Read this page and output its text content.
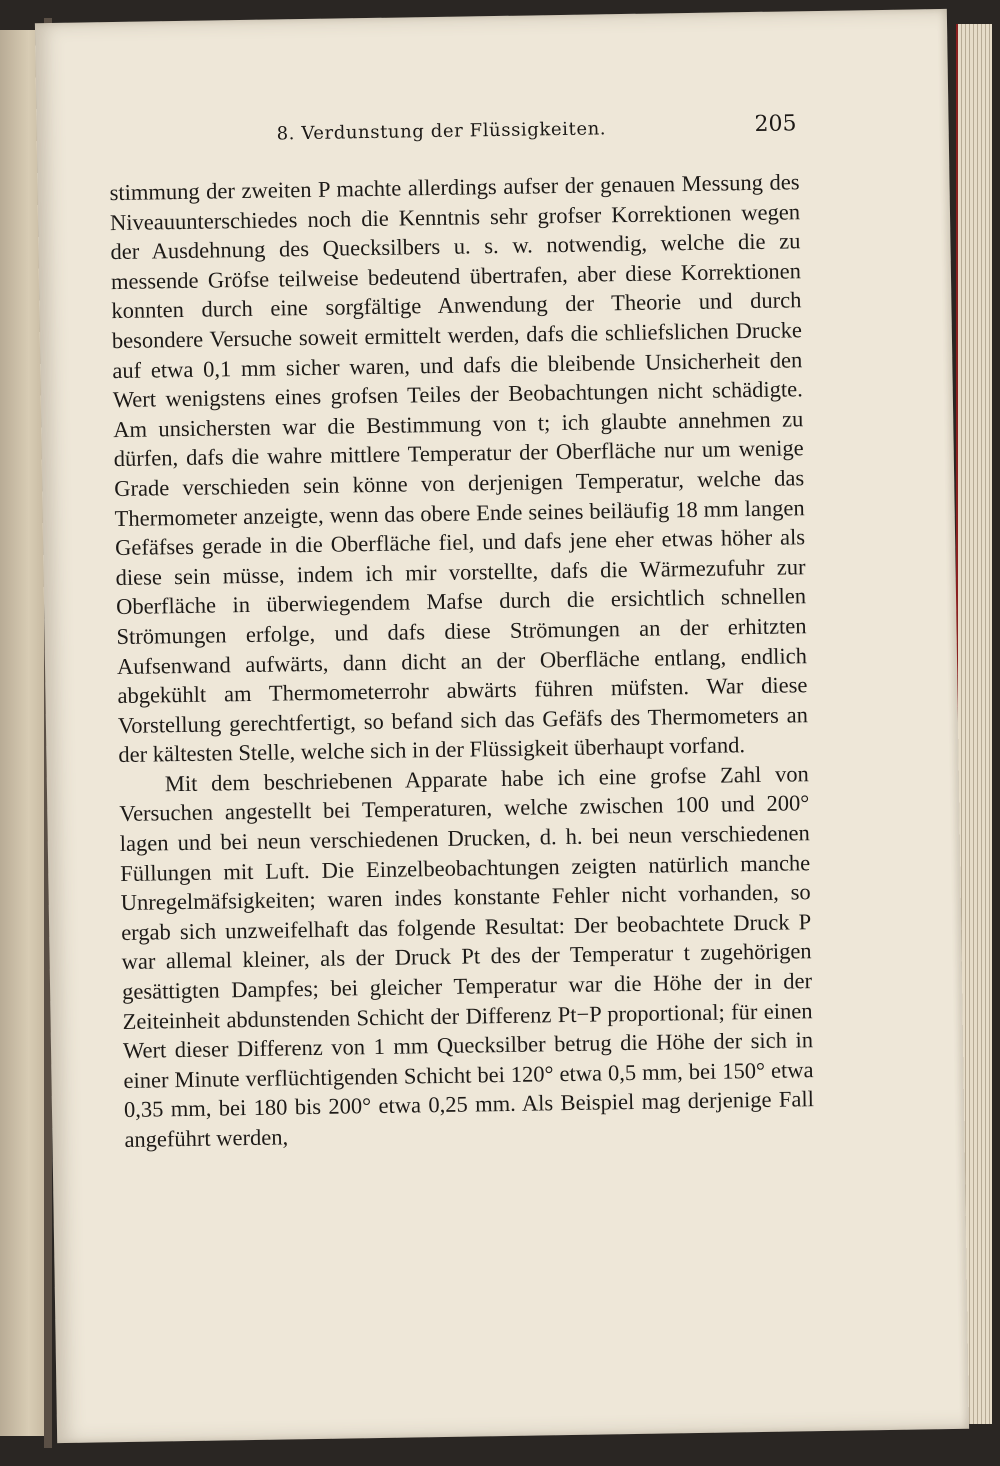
8. Verdunstung der Flüssigkeiten.	205

stimmung der zweiten P machte allerdings aufser der genauen Messung des Niveauunterschiedes noch die Kenntnis sehr grofser Korrektionen wegen der Ausdehnung des Quecksilbers u. s. w. notwendig, welche die zu messende Gröfse teilweise bedeutend übertrafen, aber diese Korrektionen konnten durch eine sorgfältige Anwendung der Theorie und durch besondere Versuche soweit ermittelt werden, dafs die schliefslichen Drucke auf etwa 0,1 mm sicher waren, und dafs die bleibende Unsicherheit den Wert wenigstens eines grofsen Teiles der Beobachtungen nicht schädigte. Am unsichersten war die Bestimmung von t; ich glaubte annehmen zu dürfen, dafs die wahre mittlere Temperatur der Oberfläche nur um wenige Grade verschieden sein könne von derjenigen Temperatur, welche das Thermometer anzeigte, wenn das obere Ende seines beiläufig 18 mm langen Gefäfses gerade in die Oberfläche fiel, und dafs jene eher etwas höher als diese sein müsse, indem ich mir vorstellte, dafs die Wärmezufuhr zur Oberfläche in überwiegendem Mafse durch die ersichtlich schnellen Strömungen erfolge, und dafs diese Strömungen an der erhitzten Aufsenwand aufwärts, dann dicht an der Oberfläche entlang, endlich abgekühlt am Thermometerrohr abwärts führen müfsten. War diese Vorstellung gerechtfertigt, so befand sich das Gefäfs des Thermometers an der kältesten Stelle, welche sich in der Flüssigkeit überhaupt vorfand.

Mit dem beschriebenen Apparate habe ich eine grofse Zahl von Versuchen angestellt bei Temperaturen, welche zwischen 100 und 200° lagen und bei neun verschiedenen Drucken, d. h. bei neun verschiedenen Füllungen mit Luft. Die Einzelbeobachtungen zeigten natürlich manche Unregelmäfsigkeiten; waren indes konstante Fehler nicht vorhanden, so ergab sich unzweifelhaft das folgende Resultat: Der beobachtete Druck P war allemal kleiner, als der Druck Pt des der Temperatur t zugehörigen gesättigten Dampfes; bei gleicher Temperatur war die Höhe der in der Zeiteinheit abdunstenden Schicht der Differenz Pt−P proportional; für einen Wert dieser Differenz von 1 mm Quecksilber betrug die Höhe der sich in einer Minute verflüchtigenden Schicht bei 120° etwa 0,5 mm, bei 150° etwa 0,35 mm, bei 180 bis 200° etwa 0,25 mm. Als Beispiel mag derjenige Fall angeführt werden,
